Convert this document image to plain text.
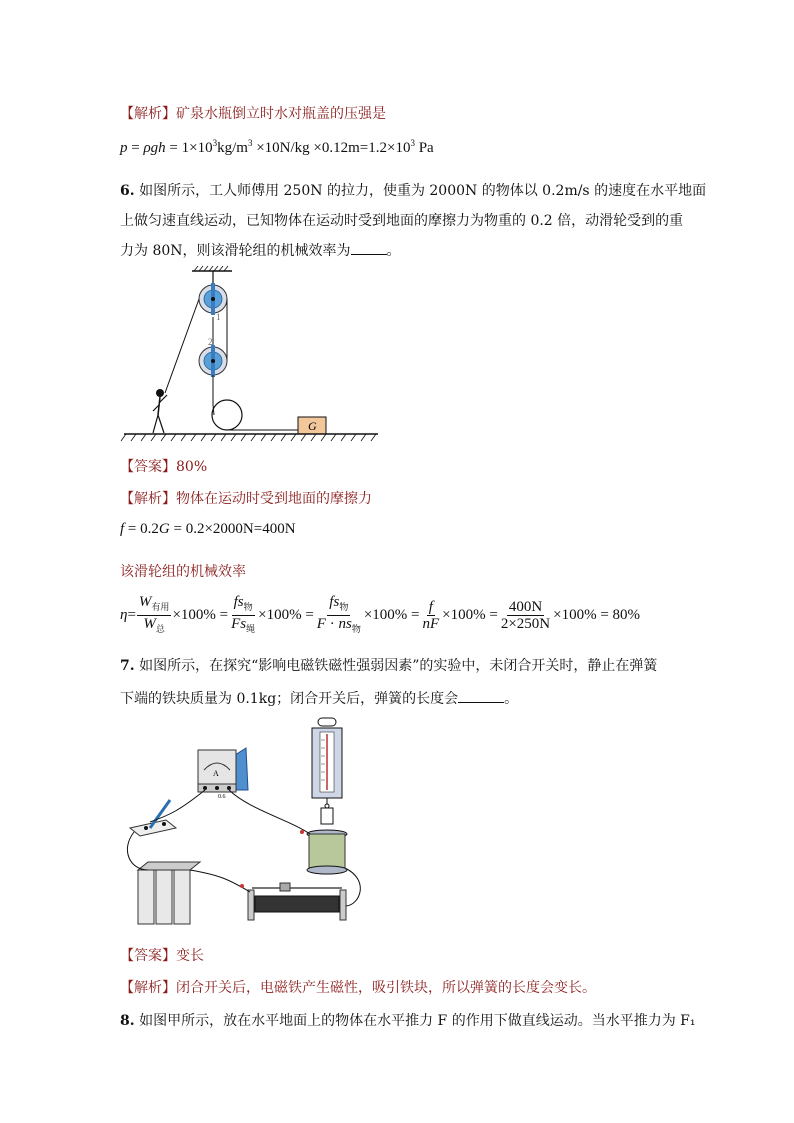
【解析】矿泉水瓶倒立时水对瓶盖的压强是
$p = \rho gh = 1\times 10^3kg/m^3 \times 10N/kg \times 0.12m=1.2\times 10^3$ Pa
6. 如图所示，工人师傅用 250N 的拉力，使重为 2000N 的物体以 0.2m/s 的速度在水平地面
上做匀速直线运动，已知物体在运动时受到地面的摩擦力为物重的 0.2 倍，动滑轮受到的重
力为 80N，则该滑轮组的机械效率为	。
1
2
G
【答案】80%
【解析】物体在运动时受到地面的摩擦力
f = 0.2G = 0.2×2000N=400N
该滑轮组的机械效率
$\eta = \frac{W_{有用}}{W_总} \times 100\% = \frac{fs_物}{Fs_绳} \times 100\% = \frac{fs_物}{F \cdot ns_物} \times 100\% = \frac{f}{nF} \times 100\% = \frac{400N}{2\times 250N} \times 100\% = 80\%$
7. 如图所示，在探究“影响电磁铁磁性强弱因素”的实验中，未闭合开关时，静止在弹簧
下端的铁块质量为 0.1kg；闭合开关后，弹簧的长度会	。
A
0.6
【答案】变长
【解析】闭合开关后，电磁铁产生磁性，吸引铁块，所以弹簧的长度会变长。
8. 如图甲所示，放在水平地面上的物体在水平推力 F 的作用下做直线运动。当水平推力为 F₁
